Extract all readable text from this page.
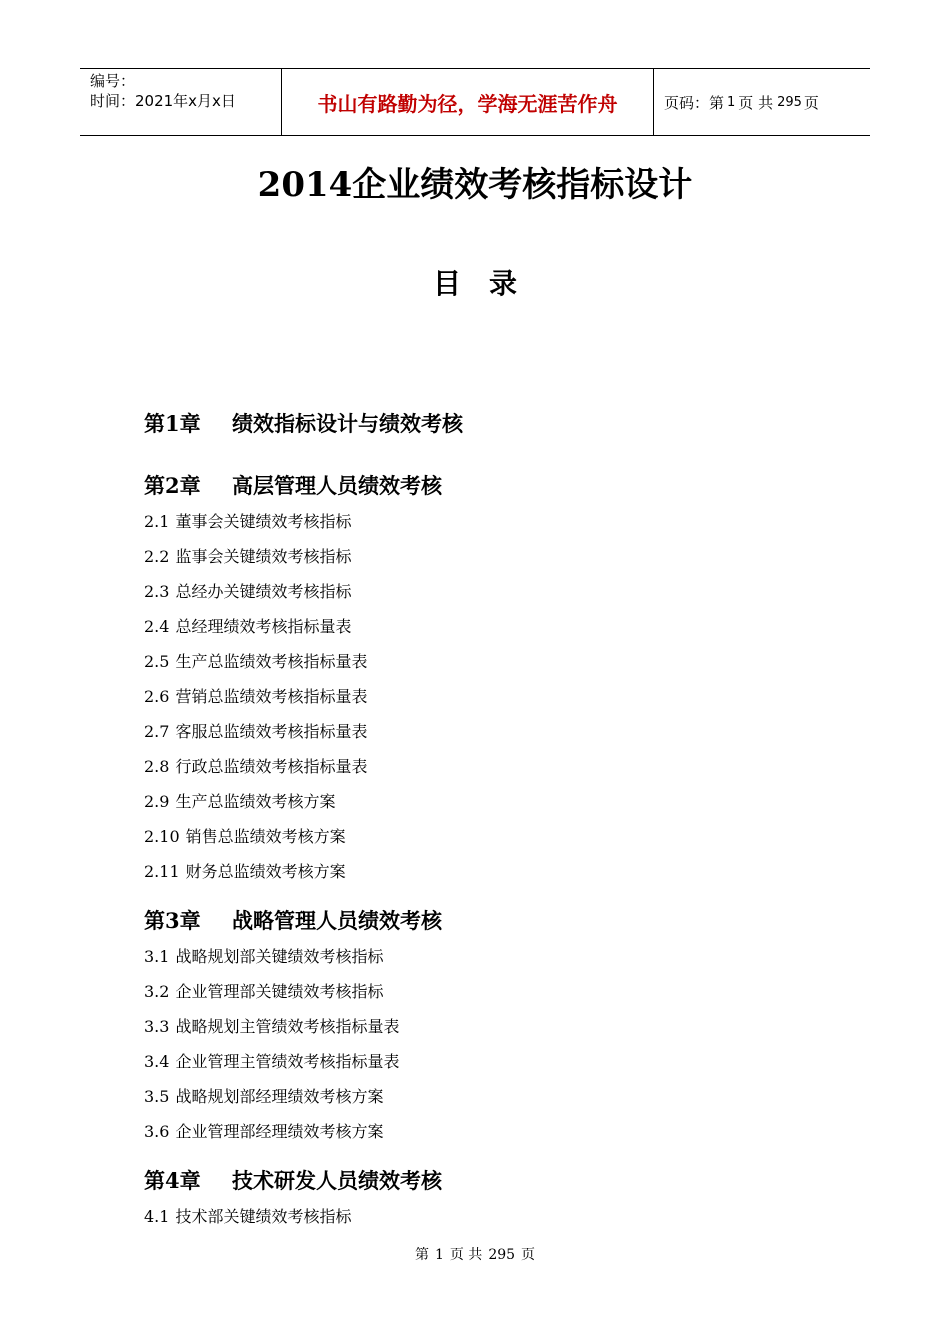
编号：
时间：2021年x月x日	书山有路勤为径，学海无涯苦作舟	页码：第 1 页 共 295 页
2014企业绩效考核指标设计
目 录
第1章 绩效指标设计与绩效考核
第2章 高层管理人员绩效考核
2.1 董事会关键绩效考核指标
2.2 监事会关键绩效考核指标
2.3 总经办关键绩效考核指标
2.4 总经理绩效考核指标量表
2.5 生产总监绩效考核指标量表
2.6 营销总监绩效考核指标量表
2.7 客服总监绩效考核指标量表
2.8 行政总监绩效考核指标量表
2.9 生产总监绩效考核方案
2.10 销售总监绩效考核方案
2.11 财务总监绩效考核方案
第3章 战略管理人员绩效考核
3.1 战略规划部关键绩效考核指标
3.2 企业管理部关键绩效考核指标
3.3 战略规划主管绩效考核指标量表
3.4 企业管理主管绩效考核指标量表
3.5 战略规划部经理绩效考核方案
3.6 企业管理部经理绩效考核方案
第4章 技术研发人员绩效考核
4.1 技术部关键绩效考核指标
第 1 页 共 295 页
